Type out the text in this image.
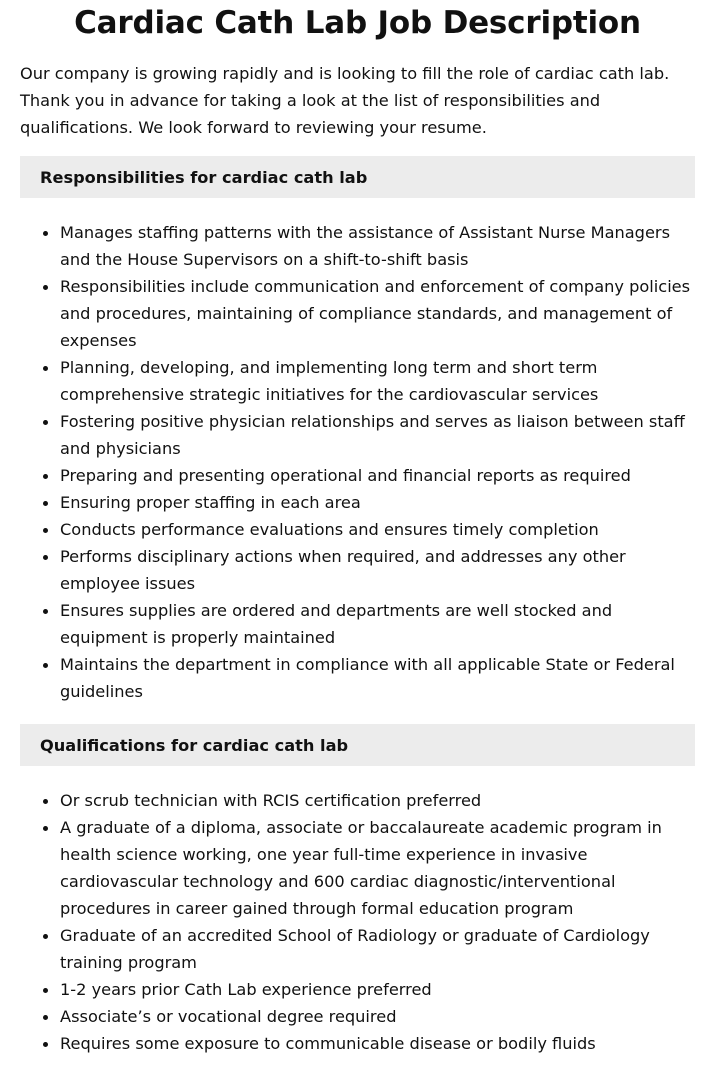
Cardiac Cath Lab Job Description

Our company is growing rapidly and is looking to fill the role of cardiac cath lab. Thank you in advance for taking a look at the list of responsibilities and qualifications. We look forward to reviewing your resume.

Responsibilities for cardiac cath lab
Manages staffing patterns with the assistance of Assistant Nurse Managers and the House Supervisors on a shift-to-shift basis
Responsibilities include communication and enforcement of company policies and procedures, maintaining of compliance standards, and management of expenses
Planning, developing, and implementing long term and short term comprehensive strategic initiatives for the cardiovascular services
Fostering positive physician relationships and serves as liaison between staff and physicians
Preparing and presenting operational and financial reports as required
Ensuring proper staffing in each area
Conducts performance evaluations and ensures timely completion
Performs disciplinary actions when required, and addresses any other employee issues
Ensures supplies are ordered and departments are well stocked and equipment is properly maintained
Maintains the department in compliance with all applicable State or Federal guidelines
Qualifications for cardiac cath lab
Or scrub technician with RCIS certification preferred
A graduate of a diploma, associate or baccalaureate academic program in health science working, one year full-time experience in invasive cardiovascular technology and 600 cardiac diagnostic/interventional procedures in career gained through formal education program
Graduate of an accredited School of Radiology or graduate of Cardiology training program
1-2 years prior Cath Lab experience preferred
Associate’s or vocational degree required
Requires some exposure to communicable disease or bodily fluids
